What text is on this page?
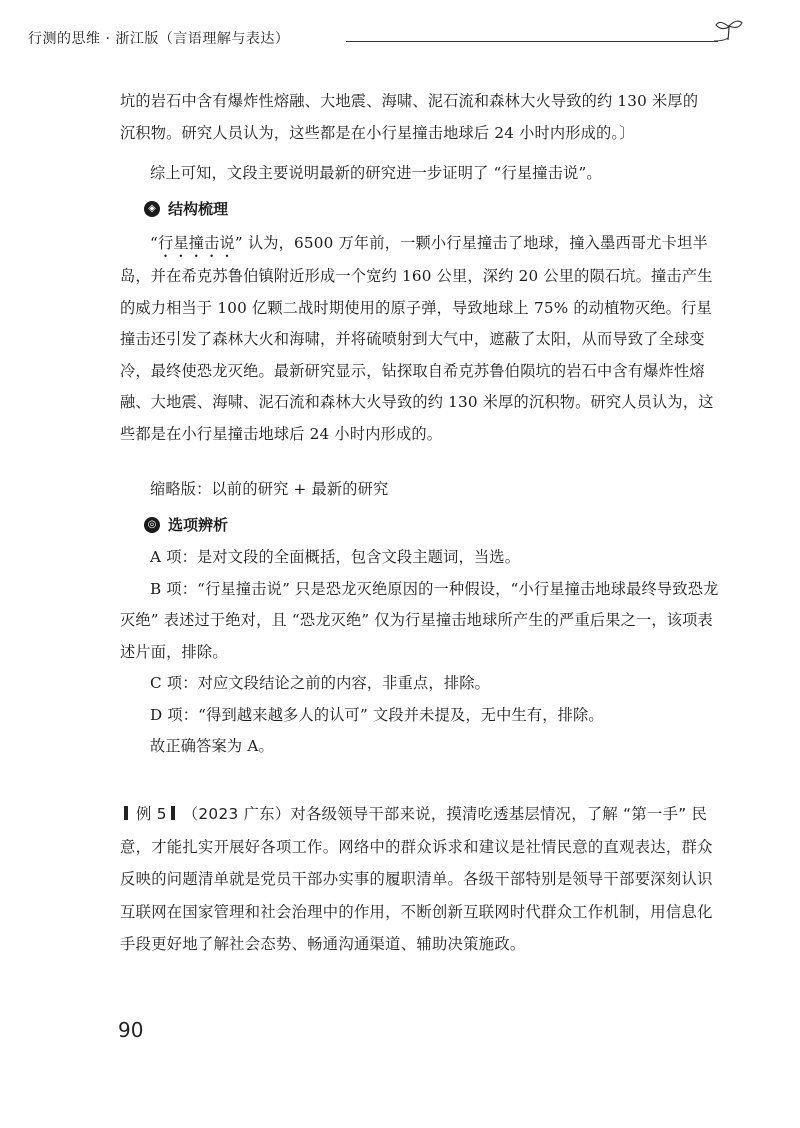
行测的思维 · 浙江版（言语理解与表达）

坑的岩石中含有爆炸性熔融、大地震、海啸、泥石流和森林大火导致的约 130 米厚的

沉积物。研究人员认为，这些都是在小行星撞击地球后 24 小时内形成的。〕

综上可知，文段主要说明最新的研究进一步证明了 “行星撞击说”。

◈ 结构梳理

“行星撞击说” 认为，6500 万年前，一颗小行星撞击了地球，撞入墨西哥尤卡坦半岛，并在希克苏鲁伯镇附近形成一个宽约 160 公里，深约 20 公里的陨石坑。撞击产生的威力相当于 100 亿颗二战时期使用的原子弹，导致地球上 75% 的动植物灭绝。行星撞击还引发了森林大火和海啸，并将硫喷射到大气中，遮蔽了太阳，从而导致了全球变冷，最终使恐龙灭绝。最新研究显示，钻探取自希克苏鲁伯陨坑的岩石中含有爆炸性熔融、大地震、海啸、泥石流和森林大火导致的约 130 米厚的沉积物。研究人员认为，这些都是在小行星撞击地球后 24 小时内形成的。

缩略版：以前的研究 + 最新的研究

◎ 选项辨析

A 项：是对文段的全面概括，包含文段主题词，当选。

B 项：“行星撞击说” 只是恐龙灭绝原因的一种假设，“小行星撞击地球最终导致恐龙灭绝” 表述过于绝对，且 “恐龙灭绝” 仅为行星撞击地球所产生的严重后果之一，该项表述片面，排除。

C 项：对应文段结论之前的内容，非重点，排除。

D 项：“得到越来越多人的认可” 文段并未提及，无中生有，排除。

故正确答案为 A。

例 5 （2023 广东）对各级领导干部来说，摸清吃透基层情况，了解 “第一手” 民意，才能扎实开展好各项工作。网络中的群众诉求和建议是社情民意的直观表达，群众反映的问题清单就是党员干部办实事的履职清单。各级干部特别是领导干部要深刻认识互联网在国家管理和社会治理中的作用，不断创新互联网时代群众工作机制，用信息化手段更好地了解社会态势、畅通沟通渠道、辅助决策施政。
90
